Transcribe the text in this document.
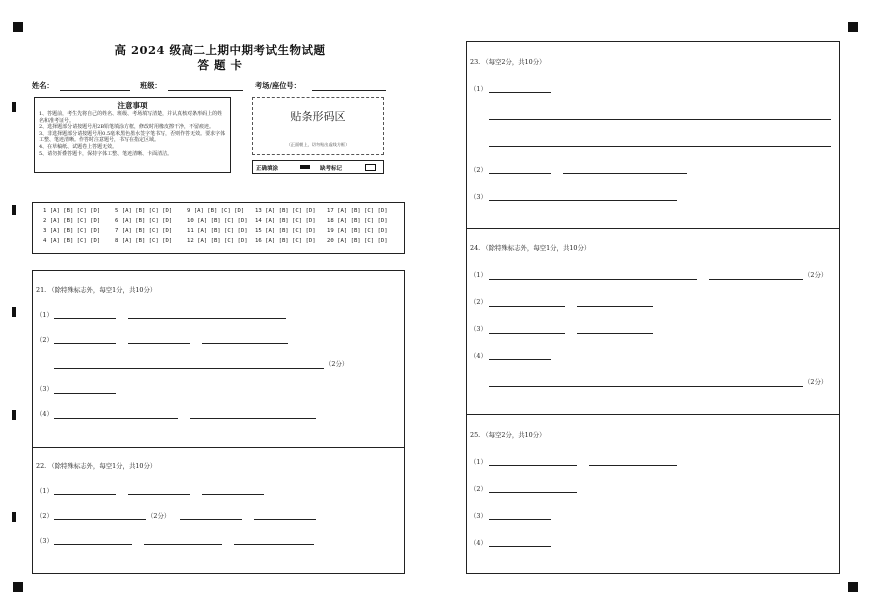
高 2024 级高二上期中期考试生物试题
答 题 卡
姓名：	班级：	考场/座位号：
注意事项

1、答题前，考生先将自己的姓名、班级、考场填写清楚，并认真核对条形码上的姓名和准考证号。

2、选择题部分请按题号用2B铅笔填涂方框，修改时用橡皮擦干净，不留痕迹。

3、非选择题部分请按题号用0.5毫米黑色墨水签字笔书写，否则作答无效。要求字体工整、笔迹清晰。作答时注意题号，书写在指定区域。

4、在草稿纸、试题卷上答题无效。

5、请勿折叠答题卡，保持字体工整、笔迹清晰、卡面清洁。

贴条形码区
（正面朝上，切勿贴出虚线方框）
正确填涂	缺考标记
1 [A] [B] [C] [D]	5 [A] [B] [C] [D]	9 [A] [B] [C] [D] 13 [A] [B] [C] [D] 17 [A] [B] [C] [D]
2 [A] [B] [C] [D]	6 [A] [B] [C] [D]	10 [A] [B] [C] [D] 14 [A] [B] [C] [D] 18 [A] [B] [C] [D]
3 [A] [B] [C] [D]	7 [A] [B] [C] [D]	11 [A] [B] [C] [D] 15 [A] [B] [C] [D] 19 [A] [B] [C] [D]
4 [A] [B] [C] [D]	8 [A] [B] [C] [D]	12 [A] [B] [C] [D] 16 [A] [B] [C] [D] 20 [A] [B] [C] [D]
21. （除特殊标志外，每空1分，共10分）
（1）
（2）
（2分）
（3）
（4）
22. （除特殊标志外，每空1分，共10分）
（1）
（2）	（2分）
（3）
23. （每空2分，共10分）
（1）
（2）
（3）
24. （除特殊标志外，每空1分，共10分）
（1）	（2分）
（2）
（3）
（4）
（2分）
25. （每空2分，共10分）
（1）
（2）
（3）
（4）
